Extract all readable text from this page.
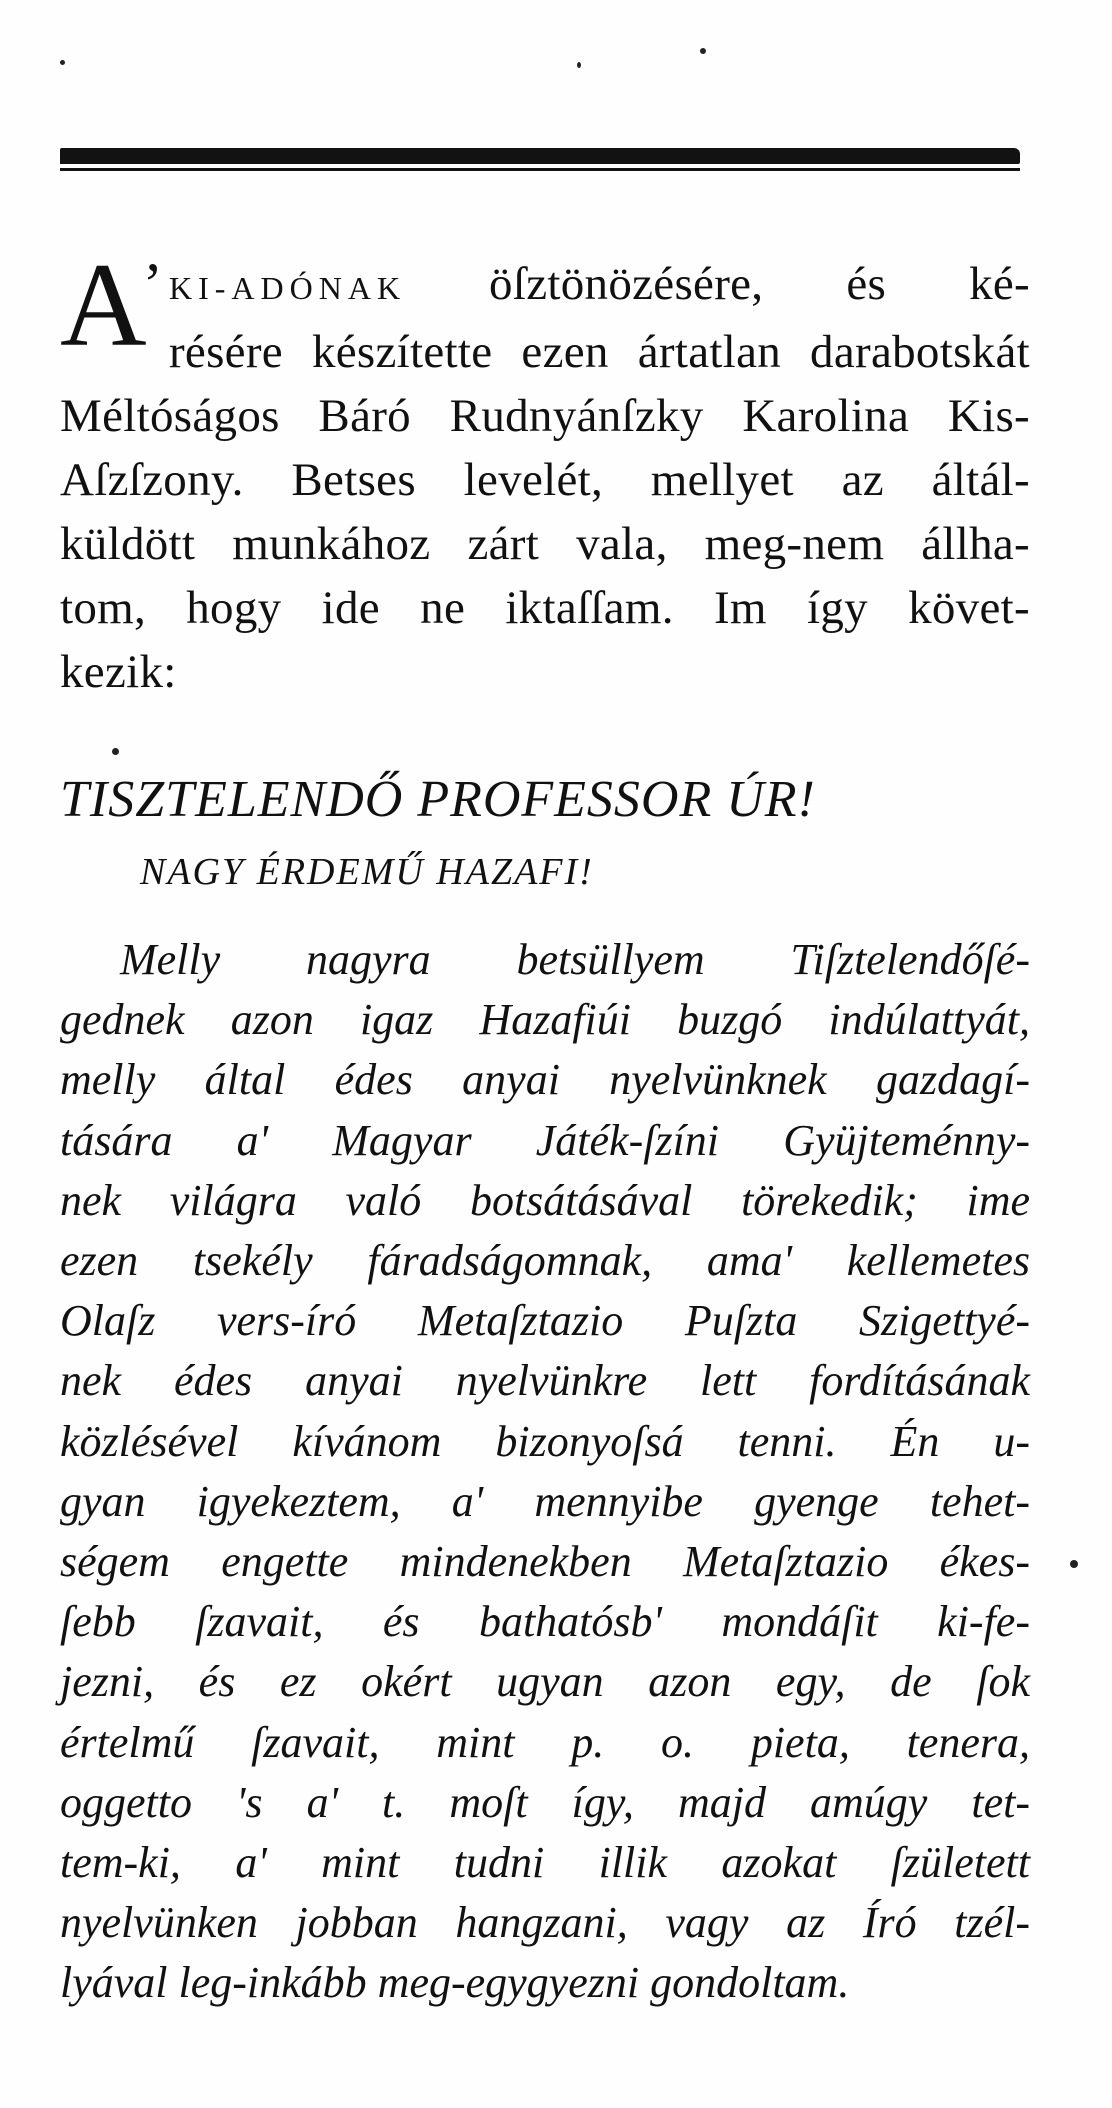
A
’ KI-ADÓNAK öſztönözésére, és ké-
résére készítette ezen ártatlan darabotskát
Méltóságos Báró Rudnyánſzky Karolina Kis-
Aſzſzony. Betses levelét, mellyet az áltál-
küldött munkához zárt vala, meg-nem állha-
tom, hogy ide ne iktaſſam. Im így követ-
kezik:
TISZTELENDŐ PROFESSOR ÚR!
NAGY ÉRDEMŰ HAZAFI!
Melly nagyra betsüllyem Tiſztelendőſé-
gednek azon igaz Hazafiúi buzgó indúlattyát,
melly által édes anyai nyelvünknek gazdagí-
tására a' Magyar Játék-ſzíni Gyüjteménny-
nek világra való botsátásával törekedik; ime
ezen tsekély fáradságomnak, ama' kellemetes
Olaſz vers-író Metaſztazio Puſzta Szigettyé-
nek édes anyai nyelvünkre lett fordításának
közlésével kívánom bizonyoſsá tenni. Én u-
gyan igyekeztem, a' mennyibe gyenge tehet-
ségem engette mindenekben Metaſztazio ékes-
ſebb ſzavait, és bathatósb' mondáſit ki-fe-
jezni, és ez okért ugyan azon egy, de ſok
értelmű ſzavait, mint p. o. pieta, tenera,
oggetto 's a' t. moſt így, majd amúgy tet-
tem-ki, a' mint tudni illik azokat ſzületett
nyelvünken jobban hangzani, vagy az Író tzél-
lyával leg-inkább meg-egygyezni gondoltam.
